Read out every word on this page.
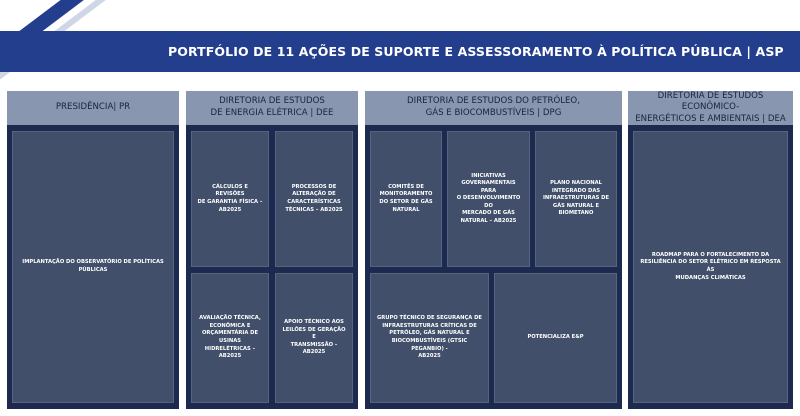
PORTFÓLIO DE 11 AÇÕES DE SUPORTE E ASSESSORAMENTO À POLÍTICA PÚBLICA | ASP
PRESIDÊNCIA| PR
IMPLANTAÇÃO DO OBSERVATÓRIO DE POLÍTICAS
PÚBLICAS
DIRETORIA DE ESTUDOS
DE ENERGIA ELÉTRICA | DEE
CÁLCULOS E REVISÕES
DE GARANTIA FÍSICA –
AB2025
PROCESSOS DE
ALTERAÇÃO DE
CARACTERÍSTICAS
TÉCNICAS – AB2025
AVALIAÇÃO TÉCNICA,
ECONÔMICA E
ORÇAMENTÁRIA DE
USINAS
HIDRELÉTRICAS –
AB2025
APOIO TÉCNICO AOS
LEILÕES DE GERAÇÃO E
TRANSMISSÃO –
AB2025
DIRETORIA DE ESTUDOS DO PETRÓLEO,
GÁS E BIOCOMBUSTÍVEIS | DPG
COMITÊS DE
MONITORAMENTO
DO SETOR DE GÁS
NATURAL
INICIATIVAS
GOVERNAMENTAIS PARA
O DESENVOLVIMENTO DO
MERCADO DE GÁS
NATURAL – AB2025
PLANO NACIONAL
INTEGRADO DAS
INFRAESTRUTURAS DE
GÁS NATURAL E
BIOMETANO
GRUPO TÉCNICO DE SEGURANÇA DE
INFRAESTRUTURAS CRÍTICAS DE
PETRÓLEO, GÁS NATURAL E
BIOCOMBUSTÍVEIS (GTSIC PEGANBIO) -
AB2025
POTENCIALIZA E&P
DIRETORIA DE ESTUDOS ECONÔMICO-
ENERGÉTICOS E AMBIENTAIS | DEA
ROADMAP PARA O FORTALECIMENTO DA
RESILIÊNCIA DO SETOR ELÉTRICO EM RESPOSTA ÀS
MUDANÇAS CLIMÁTICAS
